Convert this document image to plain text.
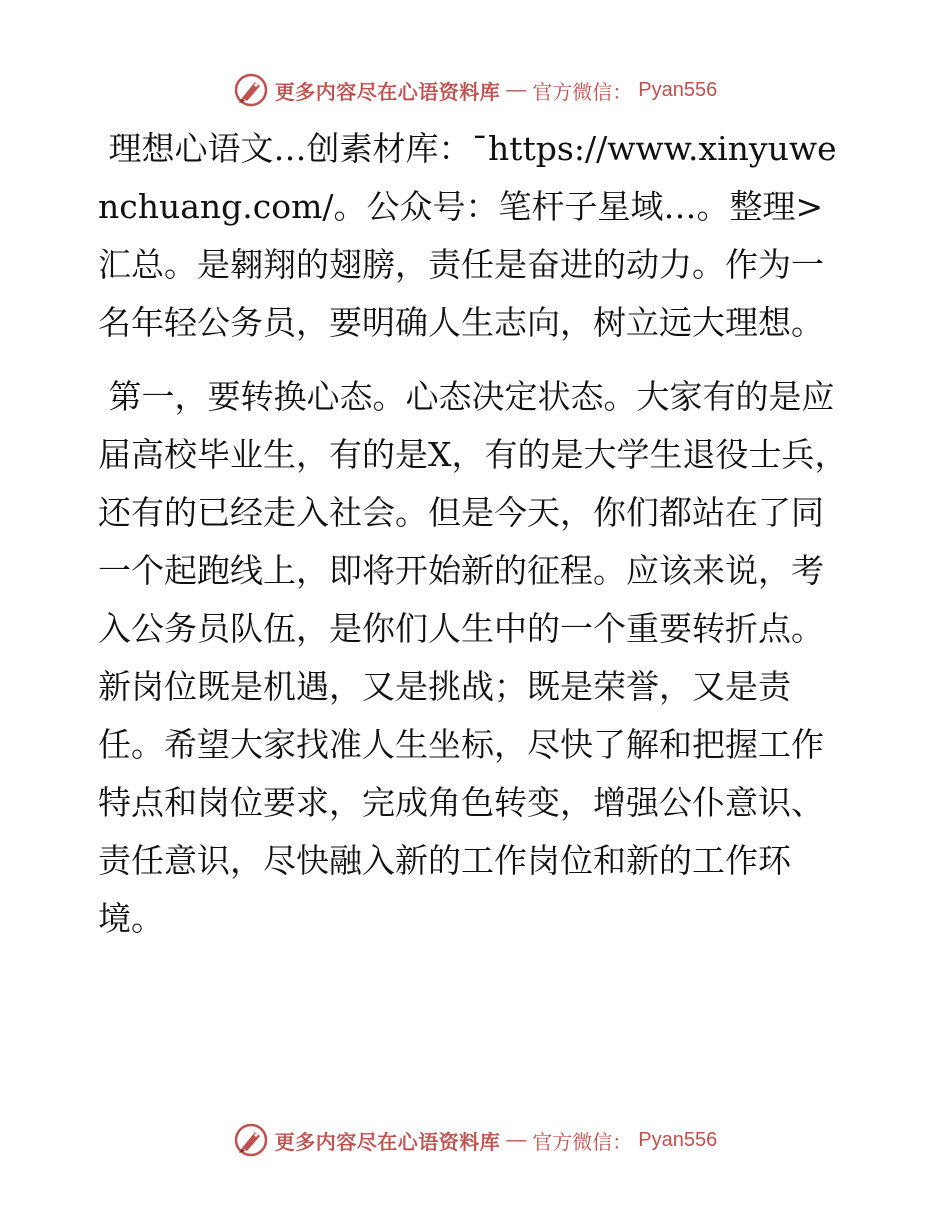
更多内容尽在心语资料库 — 官方微信： Pyan556

理想心语文…创素材库：¯https://www.xinyuwenchuang.com/。公众号：笔杆子星域…。整理>汇总。是翱翔的翅膀，责任是奋进的动力。作为一名年轻公务员，要明确人生志向，树立远大理想。

第一，要转换心态。心态决定状态。大家有的是应届高校毕业生，有的是X，有的是大学生退役士兵，还有的已经走入社会。但是今天，你们都站在了同一个起跑线上，即将开始新的征程。应该来说，考入公务员队伍，是你们人生中的一个重要转折点。新岗位既是机遇，又是挑战；既是荣誉，又是责任。希望大家找准人生坐标，尽快了解和把握工作特点和岗位要求，完成角色转变，增强公仆意识、责任意识，尽快融入新的工作岗位和新的工作环境。

更多内容尽在心语资料库 — 官方微信： Pyan556
